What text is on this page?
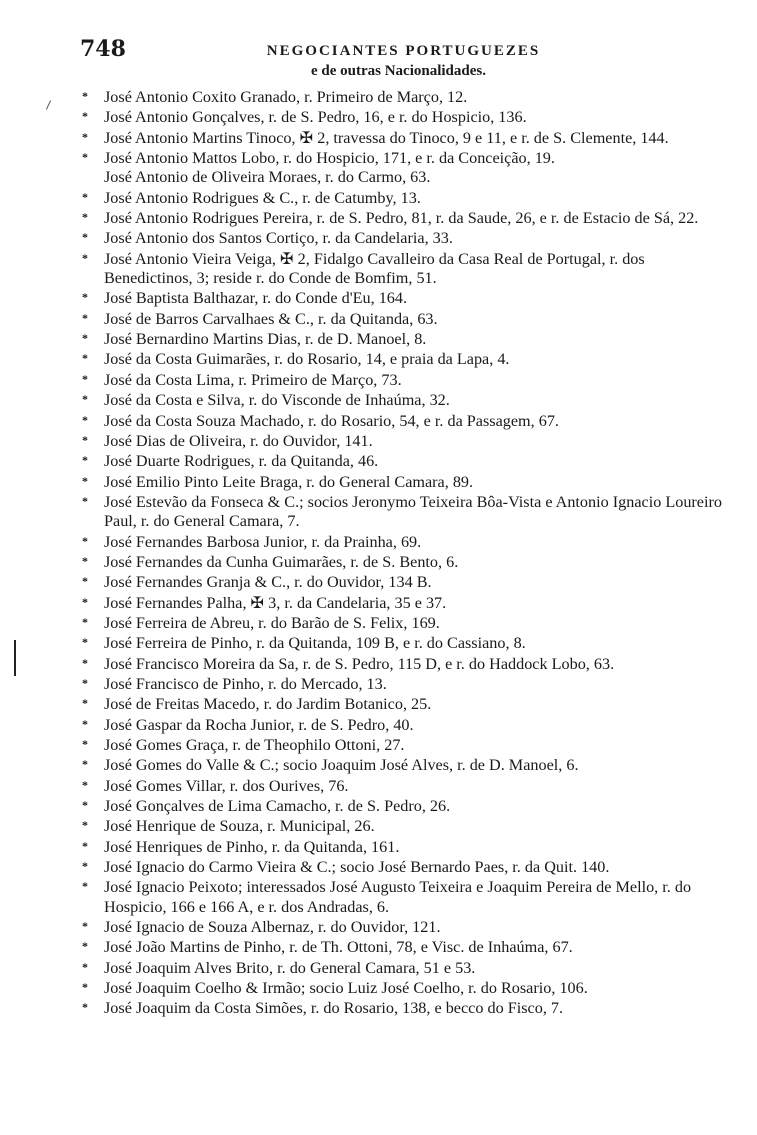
748	NEGOCIANTES PORTUGUEZES
e de outras Nacionalidades.

* José Antonio Coxito Granado, r. Primeiro de Março, 12.

* José Antonio Gonçalves, r. de S. Pedro, 16, e r. do Hospicio, 136.

* José Antonio Martins Tinoco, ✠ 2, travessa do Tinoco, 9 e 11, e r. de S. Clemente, 144.

* José Antonio Mattos Lobo, r. do Hospicio, 171, e r. da Conceição, 19.

José Antonio de Oliveira Moraes, r. do Carmo, 63.

* José Antonio Rodrigues & C., r. de Catumby, 13.

* José Antonio Rodrigues Pereira, r. de S. Pedro, 81, r. da Saude, 26, e r. de Estacio de Sá, 22.

* José Antonio dos Santos Cortiço, r. da Candelaria, 33.

* José Antonio Vieira Veiga, ✠ 2, Fidalgo Cavalleiro da Casa Real de Portugal, r. dos Benedictinos, 3; reside r. do Conde de Bomfim, 51.

* José Baptista Balthazar, r. do Conde d'Eu, 164.

* José de Barros Carvalhaes & C., r. da Quitanda, 63.

* José Bernardino Martins Dias, r. de D. Manoel, 8.

* José da Costa Guimarães, r. do Rosario, 14, e praia da Lapa, 4.

* José da Costa Lima, r. Primeiro de Março, 73.

* José da Costa e Silva, r. do Visconde de Inhaúma, 32.

* José da Costa Souza Machado, r. do Rosario, 54, e r. da Passagem, 67.

* José Dias de Oliveira, r. do Ouvidor, 141.

* José Duarte Rodrigues, r. da Quitanda, 46.

* José Emilio Pinto Leite Braga, r. do General Camara, 89.

* José Estevão da Fonseca & C.; socios Jeronymo Teixeira Bôa-Vista e Antonio Ignacio Loureiro Paul, r. do General Camara, 7.

* José Fernandes Barbosa Junior, r. da Prainha, 69.

* José Fernandes da Cunha Guimarães, r. de S. Bento, 6.

* José Fernandes Granja & C., r. do Ouvidor, 134 B.

* José Fernandes Palha, ✠ 3, r. da Candelaria, 35 e 37.

* José Ferreira de Abreu, r. do Barão de S. Felix, 169.

* José Ferreira de Pinho, r. da Quitanda, 109 B, e r. do Cassiano, 8.

* José Francisco Moreira da Sa, r. de S. Pedro, 115 D, e r. do Haddock Lobo, 63.

* José Francisco de Pinho, r. do Mercado, 13.

* José de Freitas Macedo, r. do Jardim Botanico, 25.

* José Gaspar da Rocha Junior, r. de S. Pedro, 40.

* José Gomes Graça, r. de Theophilo Ottoni, 27.

* José Gomes do Valle & C.; socio Joaquim José Alves, r. de D. Manoel, 6.

* José Gomes Villar, r. dos Ourives, 76.

* José Gonçalves de Lima Camacho, r. de S. Pedro, 26.

* José Henrique de Souza, r. Municipal, 26.

* José Henriques de Pinho, r. da Quitanda, 161.

* José Ignacio do Carmo Vieira & C.; socio José Bernardo Paes, r. da Quit. 140.

* José Ignacio Peixoto; interessados José Augusto Teixeira e Joaquim Pereira de Mello, r. do Hospicio, 166 e 166 A, e r. dos Andradas, 6.

* José Ignacio de Souza Albernaz, r. do Ouvidor, 121.

* José João Martins de Pinho, r. de Th. Ottoni, 78, e Visc. de Inhaúma, 67.

* José Joaquim Alves Brito, r. do General Camara, 51 e 53.

* José Joaquim Coelho & Irmão; socio Luiz José Coelho, r. do Rosario, 106.

* José Joaquim da Costa Simões, r. do Rosario, 138, e becco do Fisco, 7.
